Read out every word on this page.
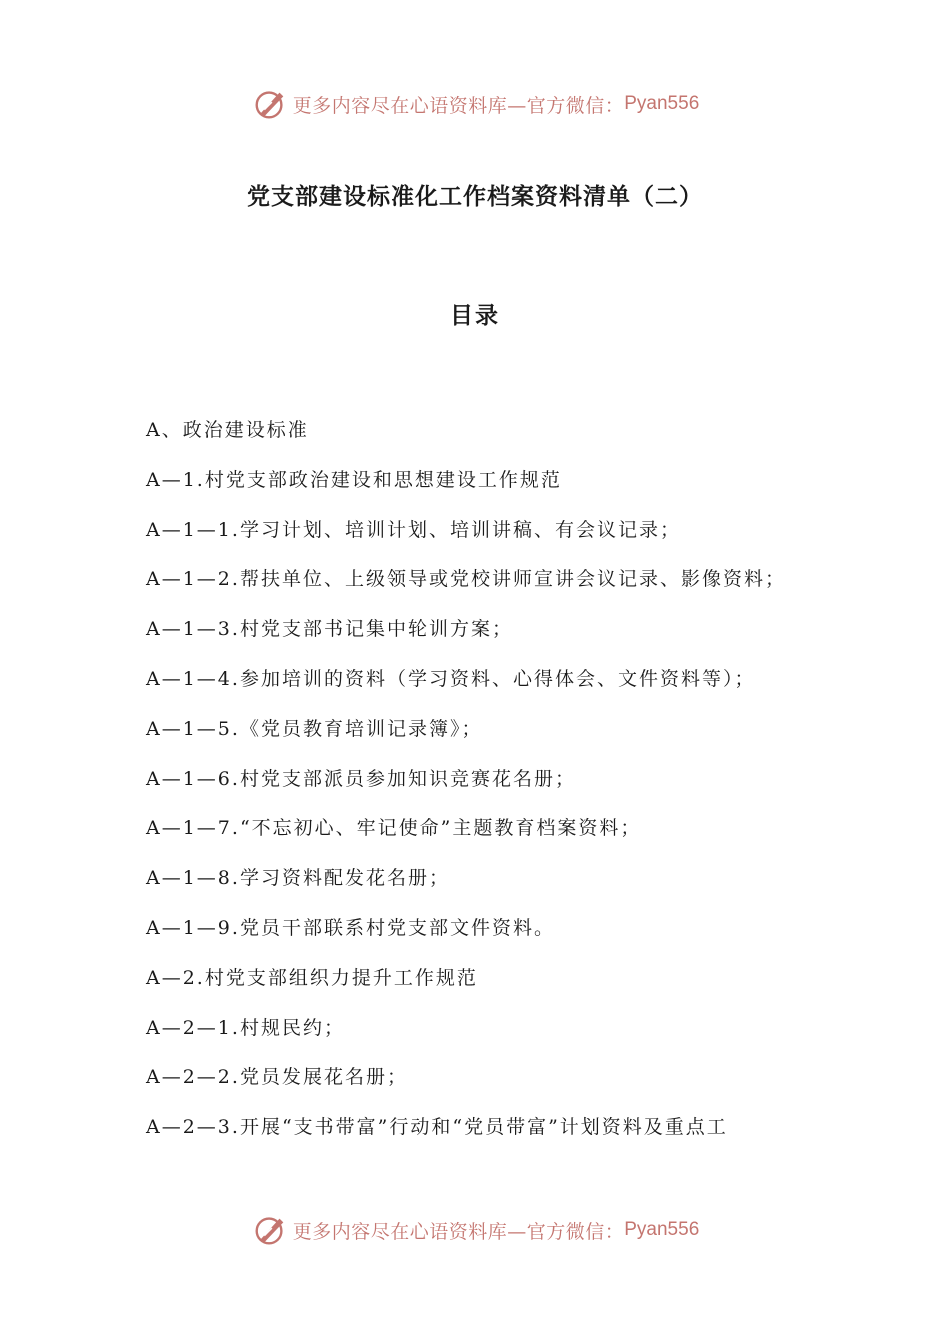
更多内容尽在心语资料库—官方微信： Pyan556
党支部建设标准化工作档案资料清单（二）
目录
A、政治建设标准
A—1.村党支部政治建设和思想建设工作规范
A—1—1.学习计划、培训计划、培训讲稿、有会议记录；
A—1—2.帮扶单位、上级领导或党校讲师宣讲会议记录、影像资料；
A—1—3.村党支部书记集中轮训方案；
A—1—4.参加培训的资料（学习资料、心得体会、文件资料等）；
A—1—5.《党员教育培训记录簿》；
A—1—6.村党支部派员参加知识竞赛花名册；
A—1—7.“不忘初心、牢记使命”主题教育档案资料；
A—1—8.学习资料配发花名册；
A—1—9.党员干部联系村党支部文件资料。
A—2.村党支部组织力提升工作规范
A—2—1.村规民约；
A—2—2.党员发展花名册；
A—2—3.开展“支书带富”行动和“党员带富”计划资料及重点工
更多内容尽在心语资料库—官方微信： Pyan556
